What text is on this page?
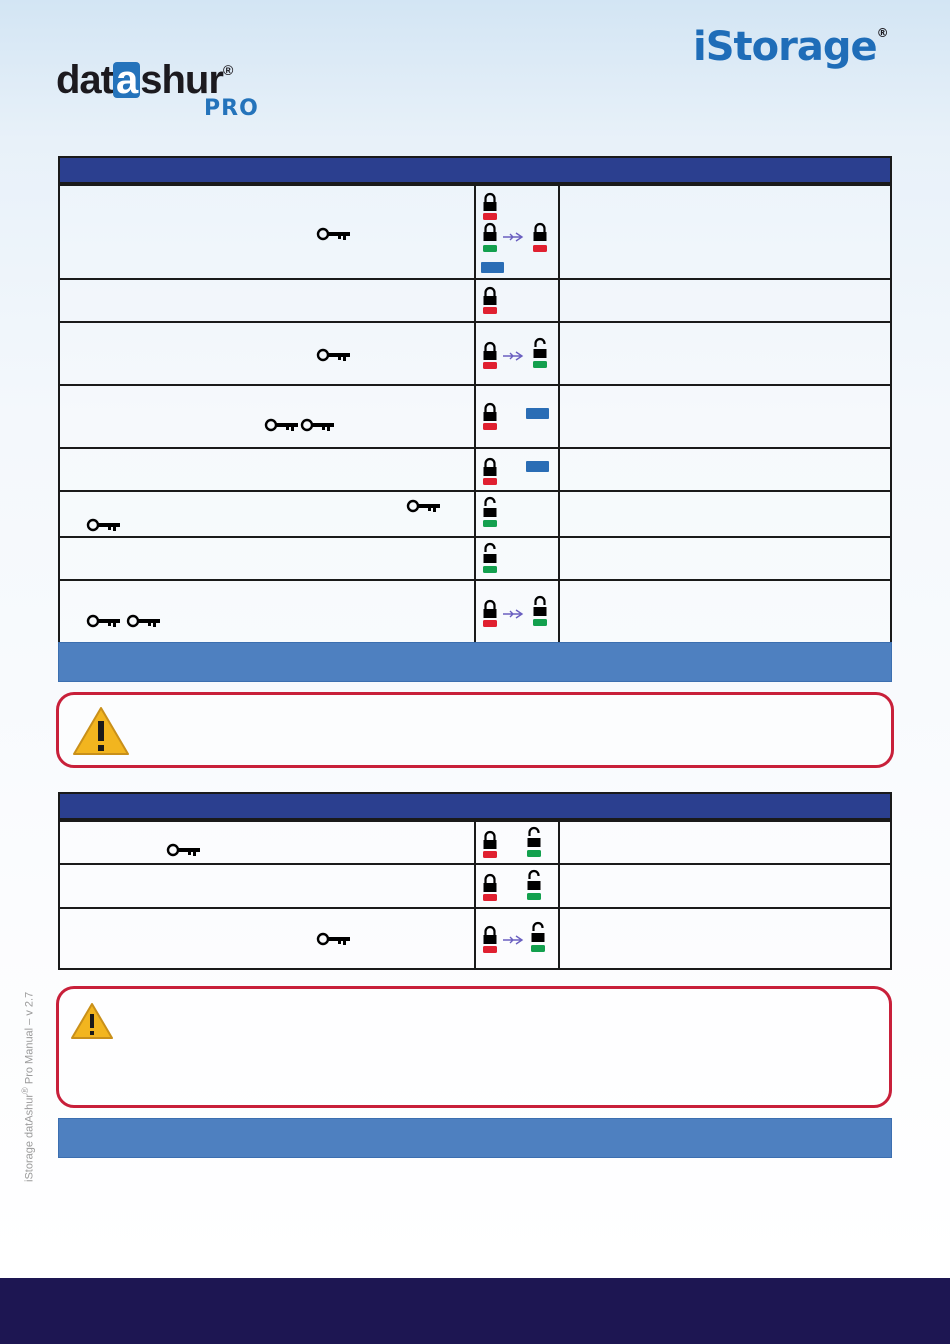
datashur®
PRO
iStorage®
iStorage datAshur® Pro Manual – v 2.7
